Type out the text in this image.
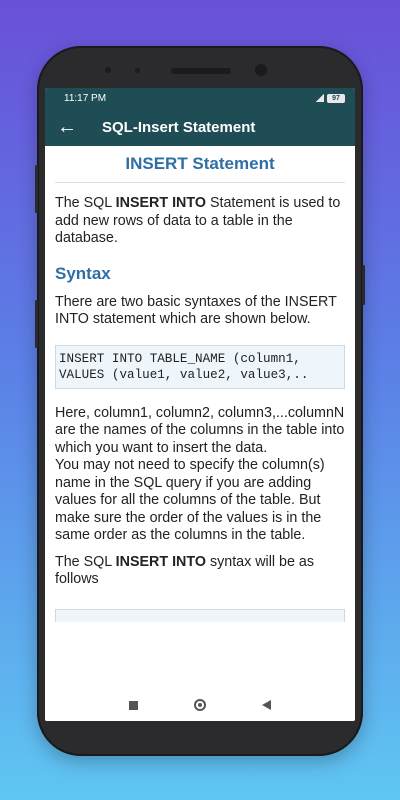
11:17 PM	97
←	SQL-Insert Statement
INSERT Statement

The SQL INSERT INTO Statement is used to add new rows of data to a table in the database.

Syntax

There are two basic syntaxes of the INSERT INTO statement which are shown below.

INSERT INTO TABLE_NAME (column1,
VALUES (value1, value2, value3,..

Here, column1, column2, column3,...columnN are the names of the columns in the table into which you want to insert the data.
You may not need to specify the column(s) name in the SQL query if you are adding values for all the columns of the table. But make sure the order of the values is in the same order as the columns in the table.

The SQL INSERT INTO syntax will be as follows
